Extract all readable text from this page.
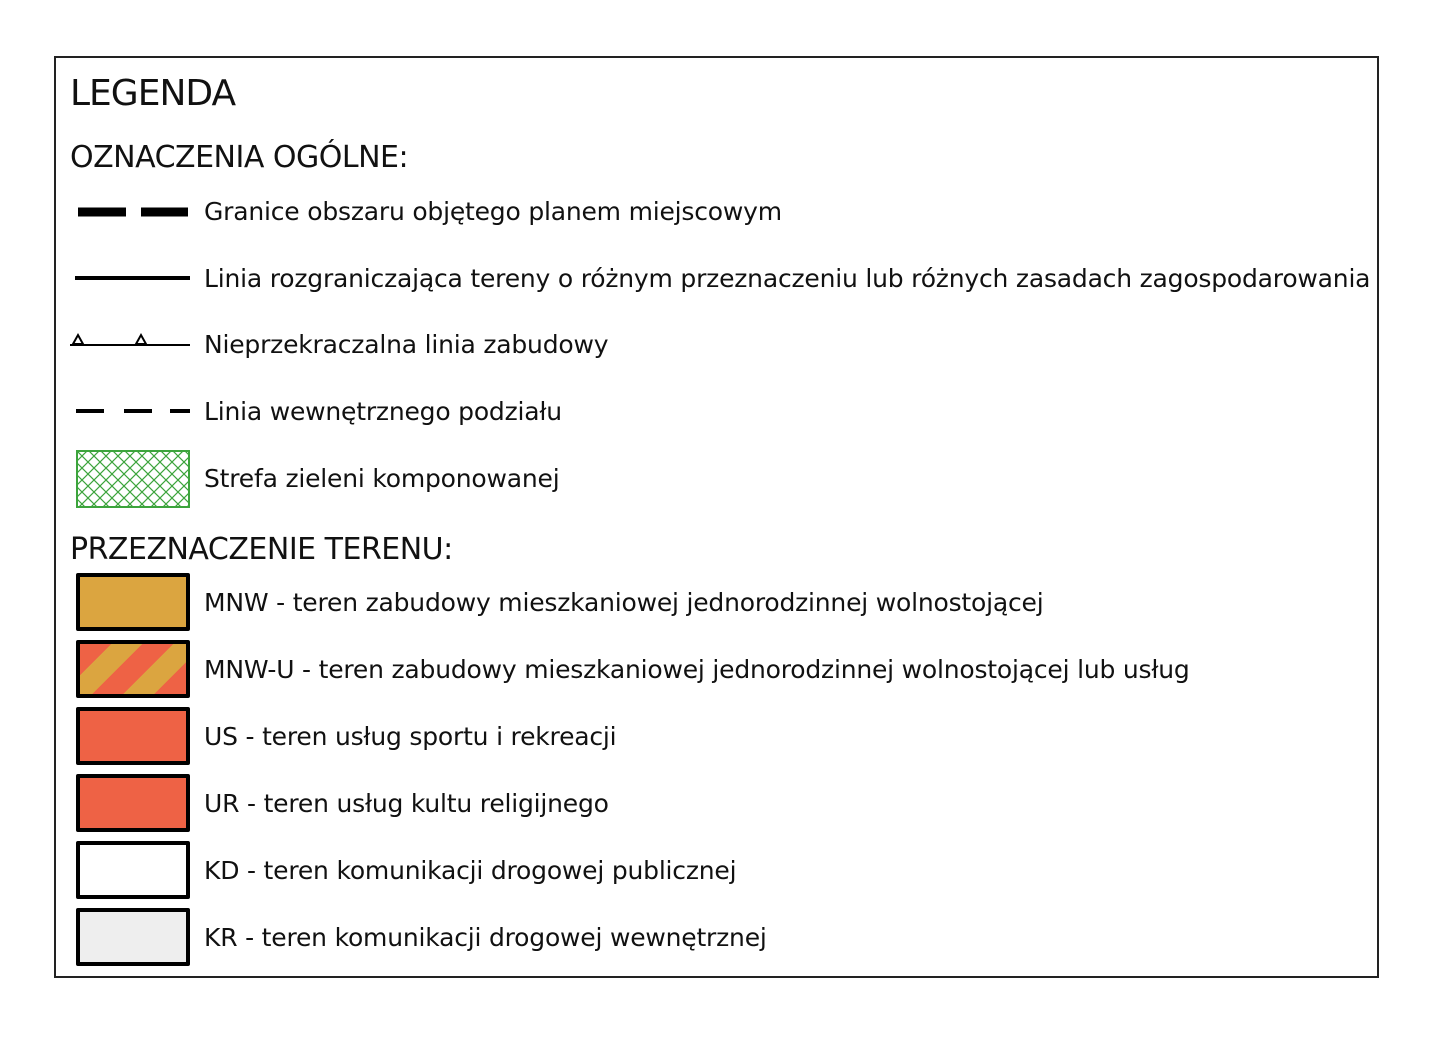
LEGENDA
OZNACZENIA OGÓLNE:
Granice obszaru objętego planem miejscowym
Linia rozgraniczająca tereny o różnym przeznaczeniu lub różnych zasadach zagospodarowania
Nieprzekraczalna linia zabudowy
Linia wewnętrznego podziału
Strefa zieleni komponowanej
PRZEZNACZENIE TERENU:
MNW - teren zabudowy mieszkaniowej jednorodzinnej wolnostojącej
MNW-U - teren zabudowy mieszkaniowej jednorodzinnej wolnostojącej lub usług
US - teren usług sportu i rekreacji
UR - teren usług kultu religijnego
KD - teren komunikacji drogowej publicznej
KR - teren komunikacji drogowej wewnętrznej
